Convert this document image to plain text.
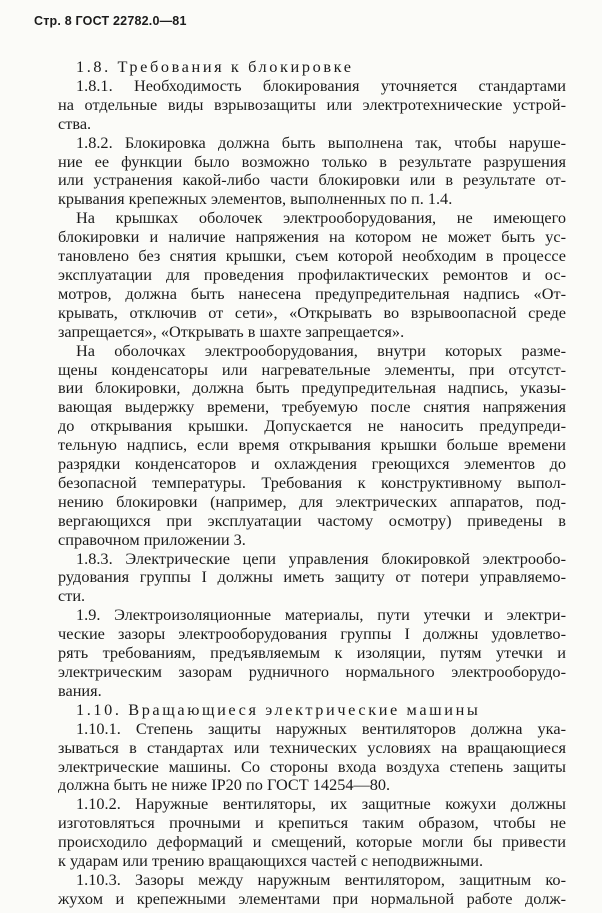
Стр. 8 ГОСТ 22782.0—81
1.8. Требования к блокировке
1.8.1. Необходимость блокирования уточняется стандартами
на отдельные виды взрывозащиты или электротехнические устрой-
ства.
1.8.2. Блокировка должна быть выполнена так, чтобы наруше-
ние ее функции было возможно только в результате разрушения
или устранения какой-либо части блокировки или в результате от-
крывания крепежных элементов, выполненных по п. 1.4.
На крышках оболочек электрооборудования, не имеющего
блокировки и наличие напряжения на котором не может быть ус-
тановлено без снятия крышки, съем которой необходим в процессе
эксплуатации для проведения профилактических ремонтов и ос-
мотров, должна быть нанесена предупредительная надпись «От-
крывать, отключив от сети», «Открывать во взрывоопасной среде
запрещается», «Открывать в шахте запрещается».
На оболочках электрооборудования, внутри которых разме-
щены конденсаторы или нагревательные элементы, при отсутст-
вии блокировки, должна быть предупредительная надпись, указы-
вающая выдержку времени, требуемую после снятия напряжения
до открывания крышки. Допускается не наносить предупреди-
тельную надпись, если время открывания крышки больше времени
разрядки конденсаторов и охлаждения греющихся элементов до
безопасной температуры. Требования к конструктивному выпол-
нению блокировки (например, для электрических аппаратов, под-
вергающихся при эксплуатации частому осмотру) приведены в
справочном приложении 3.
1.8.3. Электрические цепи управления блокировкой электрообо-
рудования группы I должны иметь защиту от потери управляемо-
сти.
1.9. Электроизоляционные материалы, пути утечки и электри-
ческие зазоры электрооборудования группы I должны удовлетво-
рять требованиям, предъявляемым к изоляции, путям утечки и
электрическим зазорам рудничного нормального электрооборудо-
вания.
1.10. Вращающиеся электрические машины
1.10.1. Степень защиты наружных вентиляторов должна ука-
зываться в стандартах или технических условиях на вращающиеся
электрические машины. Со стороны входа воздуха степень защиты
должна быть не ниже IP20 по ГОСТ 14254—80.
1.10.2. Наружные вентиляторы, их защитные кожухи должны
изготовляться прочными и крепиться таким образом, чтобы не
происходило деформаций и смещений, которые могли бы привести
к ударам или трению вращающихся частей с неподвижными.
1.10.3. Зазоры между наружным вентилятором, защитным ко-
жухом и крепежными элементами при нормальной работе долж-
